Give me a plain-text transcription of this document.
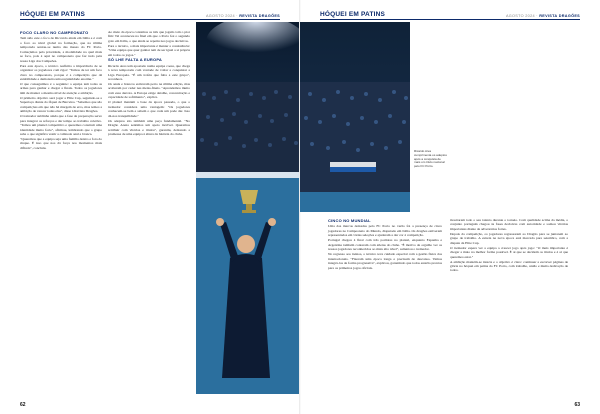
HÓQUEI EM PATINS	AGOSTO 2024 · REVISTA DRAGÕES
FOCO CLARO NO CAMPEONATO

Tem sido este o foco de Riccardo ainda em Itália e é com o foco ao nível global na formação, que na última temporada sentou-se numa das mesas do FC Porto. Começámos pela prioridade, a modalidade na qual mais se foca, pois é aqui no campeonato que faz tudo pela nossa Liga dos Campeões.

Para esta época, o técnico reafirma a importância de se organizar os jogadores com rigor: "Temos de ter um foco claro no campeonato, porque é a competição que dá estabilidade e demonstra uma regularidade enorme."

O que conseguimos é o seguinte: a equipa tem todas as armas para ganhar e chegar a finais. Todos os jogadores têm de manter o mesmo nível de atenção e ambição.

O primeiro objetivo será jogar a Elite Cup, seguindo-se a Supertaça diante do Óquei de Barcelos. "Sabemos que são competições em que não há margem de erro, mas temos a ambição de vencer todas elas", disse à Revista Dragões.

O treinador sublinha ainda que a fase de preparação serve para integrar os reforços e dar tempo ao trabalho coletivo. "Temos um plantel competitivo e queremos construir uma identidade muito forte", afirmou, lembrando que o grupo sabe o que significa vestir a camisola azul e branca.

"Queremos que a equipa seja uma família dentro e fora do rinque. É isso que nos dá força nos momentos mais difíceis", concluiu.

Ao meio da época contamos os três que jogam com o pior fim: Tal aconteceu na final em que o Porto fez o segundo golo em Itália, o que ainda se repetiu nos jogos decisivos.

Para o técnico, o mais importante é manter a consistência: "Uma equipa que quer ganhar tem de ser igual a si própria em todos os jogos."

SÓ LHE FALTA A EUROPA

Ricardo Ares tem apostado numa equipa coesa, que chega à nova temporada com vontade de voltar a conquistar a Liga Europeia. "É um troféu que falta a este grupo", reconhece.

Os azuis e brancos estiveram perto na última edição, mas acabaram por ceder nas meias-finais. "Aprendemos muito com essa derrota. A Europa exige detalhe, concentração e capacidade de sofrimento", explica.

O plantel mantém a base da época passada, o que o treinador considera uma vantagem: "Os jogadores conhecem-se bem e sabem o que cada um pode dar. Isso dá-nos tranquilidade."

Os adeptos são também uma peça fundamental. "No Dragão Arena sentimos um apoio incrível. Queremos retribuir com vitórias e títulos", garantiu, deixando a promessa de uma equipa à altura da história do clube.

62
HÓQUEI EM PATINS	AGOSTO 2024 · REVISTA DRAGÕES
Ricardo Ares cumprimenta os adeptos após a conquista de mais um título nacional pelo FC Porto.
CINCO NO MUNDIAL

Uma das marcas deixadas pelo FC Porto no verão foi a presença de cinco jogadores no Campeonato do Mundo, disputado em Itália. Os dragões estiveram representados em várias seleções e ajudaram a dar cor à competição.

Portugal chegou à final com três portistas no plantel, enquanto Espanha e Argentina também contaram com atletas do clube. "É motivo de orgulho ver os nossos jogadores reconhecidos ao mais alto nível", salientou o treinador.

No regresso aos treinos, o técnico teve cuidado especial com a gestão física dos internacionais. "Fizeram uma época longa e precisam de descanso. Vamos integrá-los de forma progressiva", explicou, garantindo que todos estarão prontos para os primeiros jogos oficiais.

mostraram todo o seu talento durante o torneio. Com qualidade acima da média, o conjunto português chegou às fases decisivas com autoridade e somou vitórias importantes diante de adversários fortes.

Depois da competição, os jogadores regressaram ao Dragão para se juntarem ao grupo de trabalho. A estreia na nova época está marcada para setembro, com a disputa da Elite Cup.

O treinador espera ver a equipa a crescer jogo após jogo: "O mais importante é chegar a maio na melhor forma possível. É aí que se decidem os títulos e é aí que queremos estar."

A ambição mantém-se intacta e o objetivo é claro: continuar a escrever páginas de glória no hóquei em patins do FC Porto, com trabalho, união e muita dedicação de todos.

63
